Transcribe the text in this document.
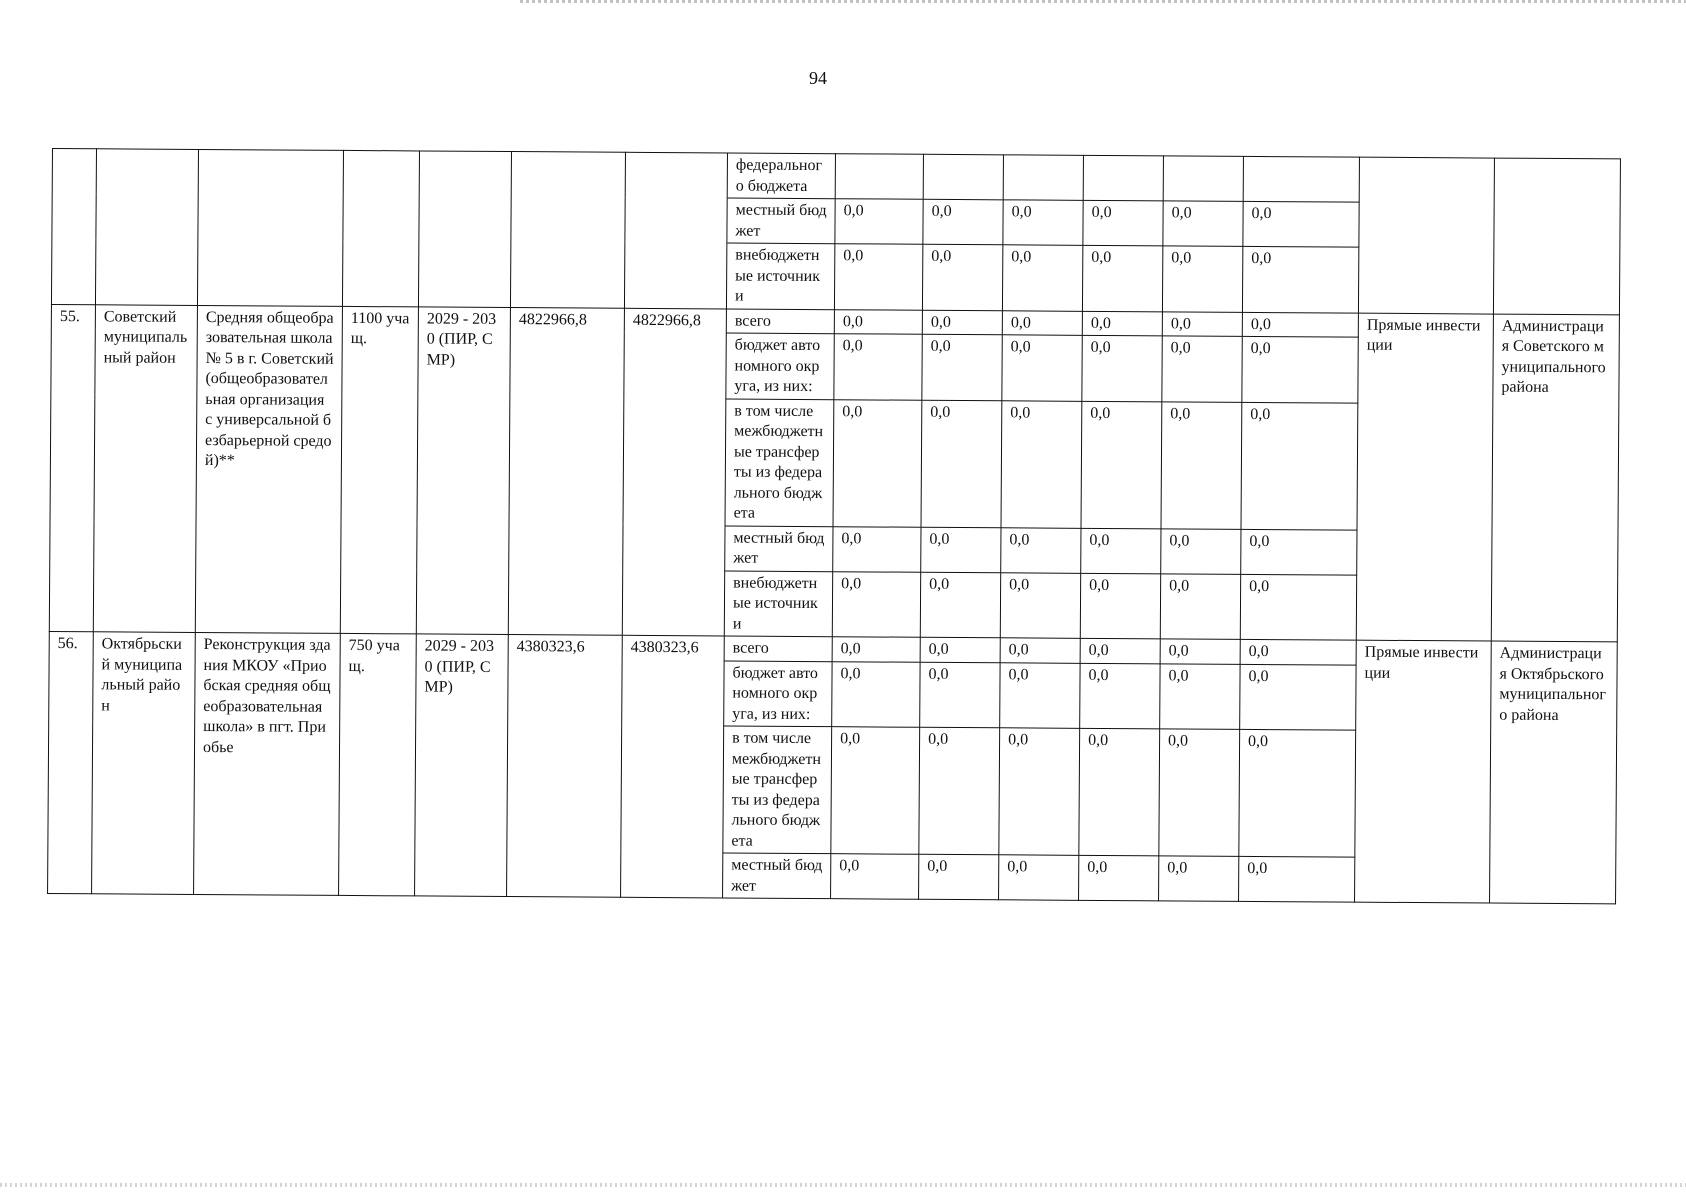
94
							федерального бюджета								
							местный бюджет	0,0	0,0	0,0	0,0	0,0	0,0		
							внебюджетные источники	0,0	0,0	0,0	0,0	0,0	0,0		
55.	Советский муниципальный район	Средняя общеобразовательная школа № 5 в г. Советский (общеобразовательная организация с универсальной безбарьерной средой)**	1100 учащ.	2029 - 2030 (ПИР, СМР)	4822966,8	4822966,8	всего	0,0	0,0	0,0	0,0	0,0	0,0	Прямые инвестиции	Администрация Советского муниципального района
							бюджет автономного округа, из них:	0,0	0,0	0,0	0,0	0,0	0,0		
							в том числе межбюджетные трансферты из федерального бюджета	0,0	0,0	0,0	0,0	0,0	0,0		
							местный бюджет	0,0	0,0	0,0	0,0	0,0	0,0		
							внебюджетные источники	0,0	0,0	0,0	0,0	0,0	0,0		
56.	Октябрьский муниципальный район	Реконструкция здания МКОУ «Приобская средняя общеобразовательная школа» в пгт. Приобье	750 учащ.	2029 - 2030 (ПИР, СМР)	4380323,6	4380323,6	всего	0,0	0,0	0,0	0,0	0,0	0,0	Прямые инвестиции	Администрация Октябрьского муниципального района
							бюджет автономного округа, из них:	0,0	0,0	0,0	0,0	0,0	0,0		
							в том числе межбюджетные трансферты из федерального бюджета	0,0	0,0	0,0	0,0	0,0	0,0		
							местный бюджет	0,0	0,0	0,0	0,0	0,0	0,0		
